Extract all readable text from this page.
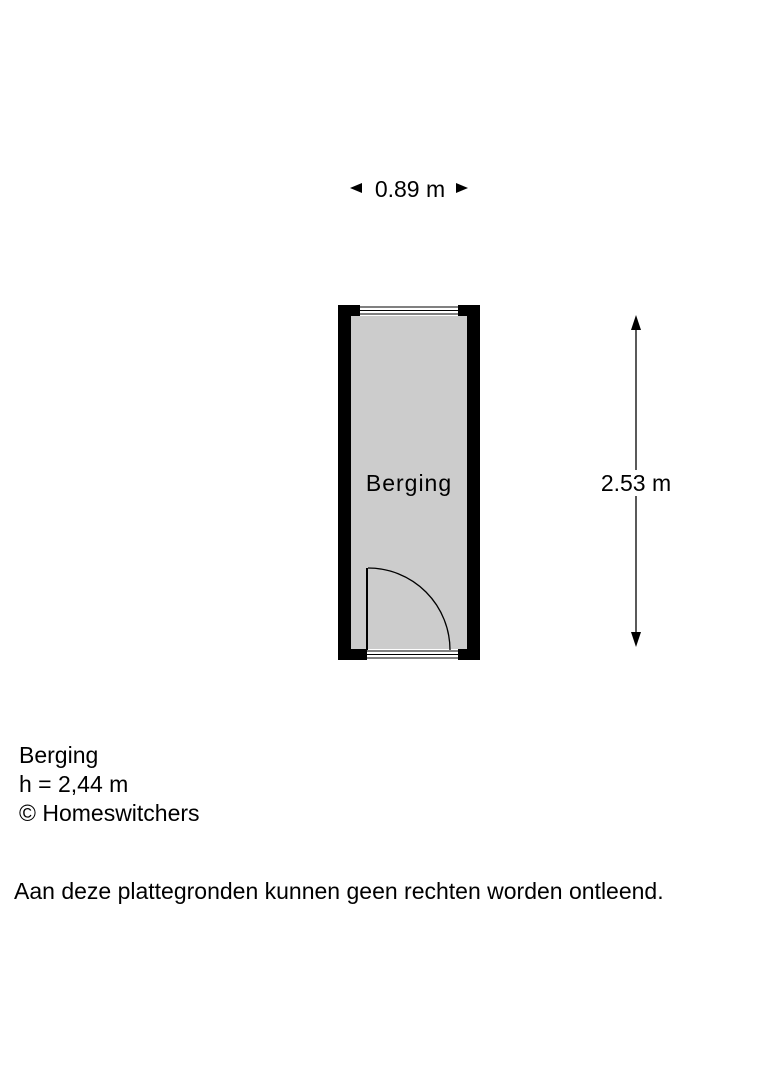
0.89 m
Berging	2.53 m
Berging
h = 2,44 m
© Homeswitchers
Aan deze plattegronden kunnen geen rechten worden ontleend.
